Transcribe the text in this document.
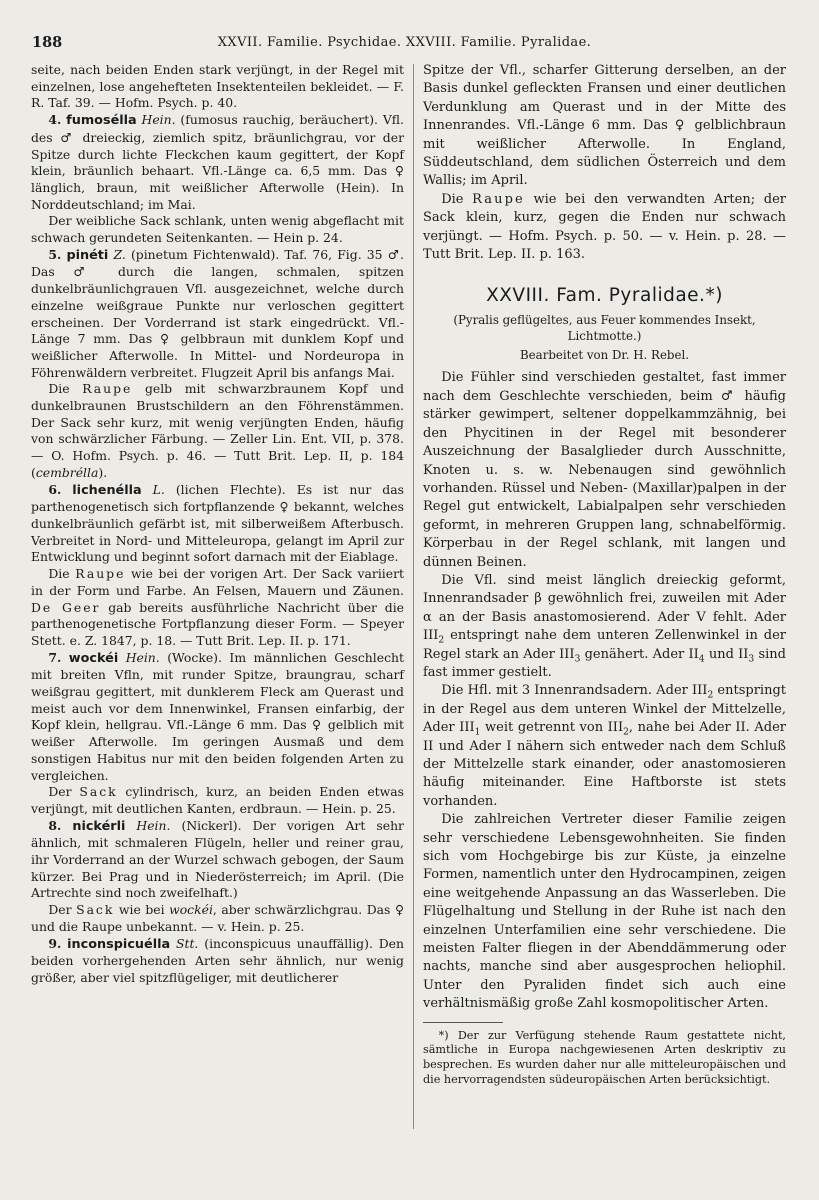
188	XXVII. Familie. Psychidae. XXVIII. Familie. Pyralidae.

seite, nach beiden Enden stark verjüngt, in der Regel mit einzelnen, lose angehefteten Insektenteilen bekleidet. — F. R. Taf. 39. — Hofm. Psych. p. 40.

4. fumosélla Hein. (fumosus rauchig, beräuchert). Vfl. des ♂ dreieckig, ziemlich spitz, bräunlichgrau, vor der Spitze durch lichte Fleckchen kaum gegittert, der Kopf klein, bräunlich behaart. Vfl.-Länge ca. 6,5 mm. Das ♀ länglich, braun, mit weißlicher Afterwolle (Hein). In Norddeutschland; im Mai.

Der weibliche Sack schlank, unten wenig abgeflacht mit schwach gerundeten Seitenkanten. — Hein p. 24.

5. pinéti Z. (pinetum Fichtenwald). Taf. 76, Fig. 35 ♂. Das ♂ durch die langen, schmalen, spitzen dunkelbräunlichgrauen Vfl. ausgezeichnet, welche durch einzelne weißgraue Punkte nur verloschen gegittert erscheinen. Der Vorderrand ist stark eingedrückt. Vfl.-Länge 7 mm. Das ♀ gelbbraun mit dunklem Kopf und weißlicher Afterwolle. In Mittel- und Nordeuropa in Föhrenwäldern verbreitet. Flugzeit April bis anfangs Mai.

Die Raupe gelb mit schwarzbraunem Kopf und dunkelbraunen Brustschildern an den Föhrenstämmen. Der Sack sehr kurz, mit wenig verjüngten Enden, häufig von schwärzlicher Färbung. — Zeller Lin. Ent. VII, p. 378. — O. Hofm. Psych. p. 46. — Tutt Brit. Lep. II, p. 184 (cembrélla).

6. lichenélla L. (lichen Flechte). Es ist nur das parthenogenetisch sich fortpflanzende ♀ bekannt, welches dunkelbräunlich gefärbt ist, mit silberweißem Afterbusch. Verbreitet in Nord- und Mitteleuropa, gelangt im April zur Entwicklung und beginnt sofort darnach mit der Eiablage.

Die Raupe wie bei der vorigen Art. Der Sack variiert in der Form und Farbe. An Felsen, Mauern und Zäunen. De Geer gab bereits ausführliche Nachricht über die parthenogenetische Fortpflanzung dieser Form. — Speyer Stett. e. Z. 1847, p. 18. — Tutt Brit. Lep. II. p. 171.

7. wockéi Hein. (Wocke). Im männlichen Geschlecht mit breiten Vfln, mit runder Spitze, braungrau, scharf weißgrau gegittert, mit dunklerem Fleck am Querast und meist auch vor dem Innenwinkel, Fransen einfarbig, der Kopf klein, hellgrau. Vfl.-Länge 6 mm. Das ♀ gelblich mit weißer Afterwolle. Im geringen Ausmaß und dem sonstigen Habitus nur mit den beiden folgenden Arten zu vergleichen.

Der Sack cylindrisch, kurz, an beiden Enden etwas verjüngt, mit deutlichen Kanten, erdbraun. — Hein. p. 25.

8. nickérli Hein. (Nickerl). Der vorigen Art sehr ähnlich, mit schmaleren Flügeln, heller und reiner grau, ihr Vorderrand an der Wurzel schwach gebogen, der Saum kürzer. Bei Prag und in Niederösterreich; im April. (Die Artrechte sind noch zweifelhaft.)

Der Sack wie bei wockéi, aber schwärzlichgrau. Das ♀ und die Raupe unbekannt. — v. Hein. p. 25.

9. inconspicuélla Stt. (inconspicuus unauffällig). Den beiden vorhergehenden Arten sehr ähnlich, nur wenig größer, aber viel spitzflügeliger, mit deutlicherer

Spitze der Vfl., scharfer Gitterung derselben, an der Basis dunkel gefleckten Fransen und einer deutlichen Verdunklung am Querast und in der Mitte des Innenrandes. Vfl.-Länge 6 mm. Das ♀ gelblichbraun mit weißlicher Afterwolle. In England, Süddeutschland, dem südlichen Österreich und dem Wallis; im April.

Die Raupe wie bei den verwandten Arten; der Sack klein, kurz, gegen die Enden nur schwach verjüngt. — Hofm. Psych. p. 50. — v. Hein. p. 28. — Tutt Brit. Lep. II. p. 163.

XXVIII. Fam. Pyralidae.*)

(Pyralis geflügeltes, aus Feuer kommendes Insekt, Lichtmotte.)

Bearbeitet von Dr. H. Rebel.

Die Fühler sind verschieden gestaltet, fast immer nach dem Geschlechte verschieden, beim ♂ häufig stärker gewimpert, seltener doppelkammzähnig, bei den Phycitinen in der Regel mit besonderer Auszeichnung der Basalglieder durch Ausschnitte, Knoten u. s. w. Nebenaugen sind gewöhnlich vorhanden. Rüssel und Neben- (Maxillar)palpen in der Regel gut entwickelt, Labialpalpen sehr verschieden geformt, in mehreren Gruppen lang, schnabelförmig. Körperbau in der Regel schlank, mit langen und dünnen Beinen.

Die Vfl. sind meist länglich dreieckig geformt, Innenrandsader β gewöhnlich frei, zuweilen mit Ader α an der Basis anastomosierend. Ader V fehlt. Ader $III_2$ entspringt nahe dem unteren Zellenwinkel in der Regel stark an Ader $III_3$ genähert. Ader $II_4$ und $II_3$ sind fast immer gestielt.

Die Hfl. mit 3 Innenrandsadern. Ader $III_2$ entspringt in der Regel aus dem unteren Winkel der Mittelzelle, Ader $III_1$ weit getrennt von $III_2$, nahe bei Ader II. Ader II und Ader I nähern sich entweder nach dem Schluß der Mittelzelle stark einander, oder anastomosieren häufig miteinander. Eine Haftborste ist stets vorhanden.

Die zahlreichen Vertreter dieser Familie zeigen sehr verschiedene Lebensgewohnheiten. Sie finden sich vom Hochgebirge bis zur Küste, ja einzelne Formen, namentlich unter den Hydrocampinen, zeigen eine weitgehende Anpassung an das Wasserleben. Die Flügelhaltung und Stellung in der Ruhe ist nach den einzelnen Unterfamilien eine sehr verschiedene. Die meisten Falter fliegen in der Abenddämmerung oder nachts, manche sind aber ausgesprochen heliophil. Unter den Pyraliden findet sich auch eine verhältnismäßig große Zahl kosmopolitischer Arten.

*) Der zur Verfügung stehende Raum gestattete nicht, sämtliche in Europa nachgewiesenen Arten deskriptiv zu besprechen. Es wurden daher nur alle mitteleuropäischen und die hervorragendsten südeuropäischen Arten berücksichtigt.
